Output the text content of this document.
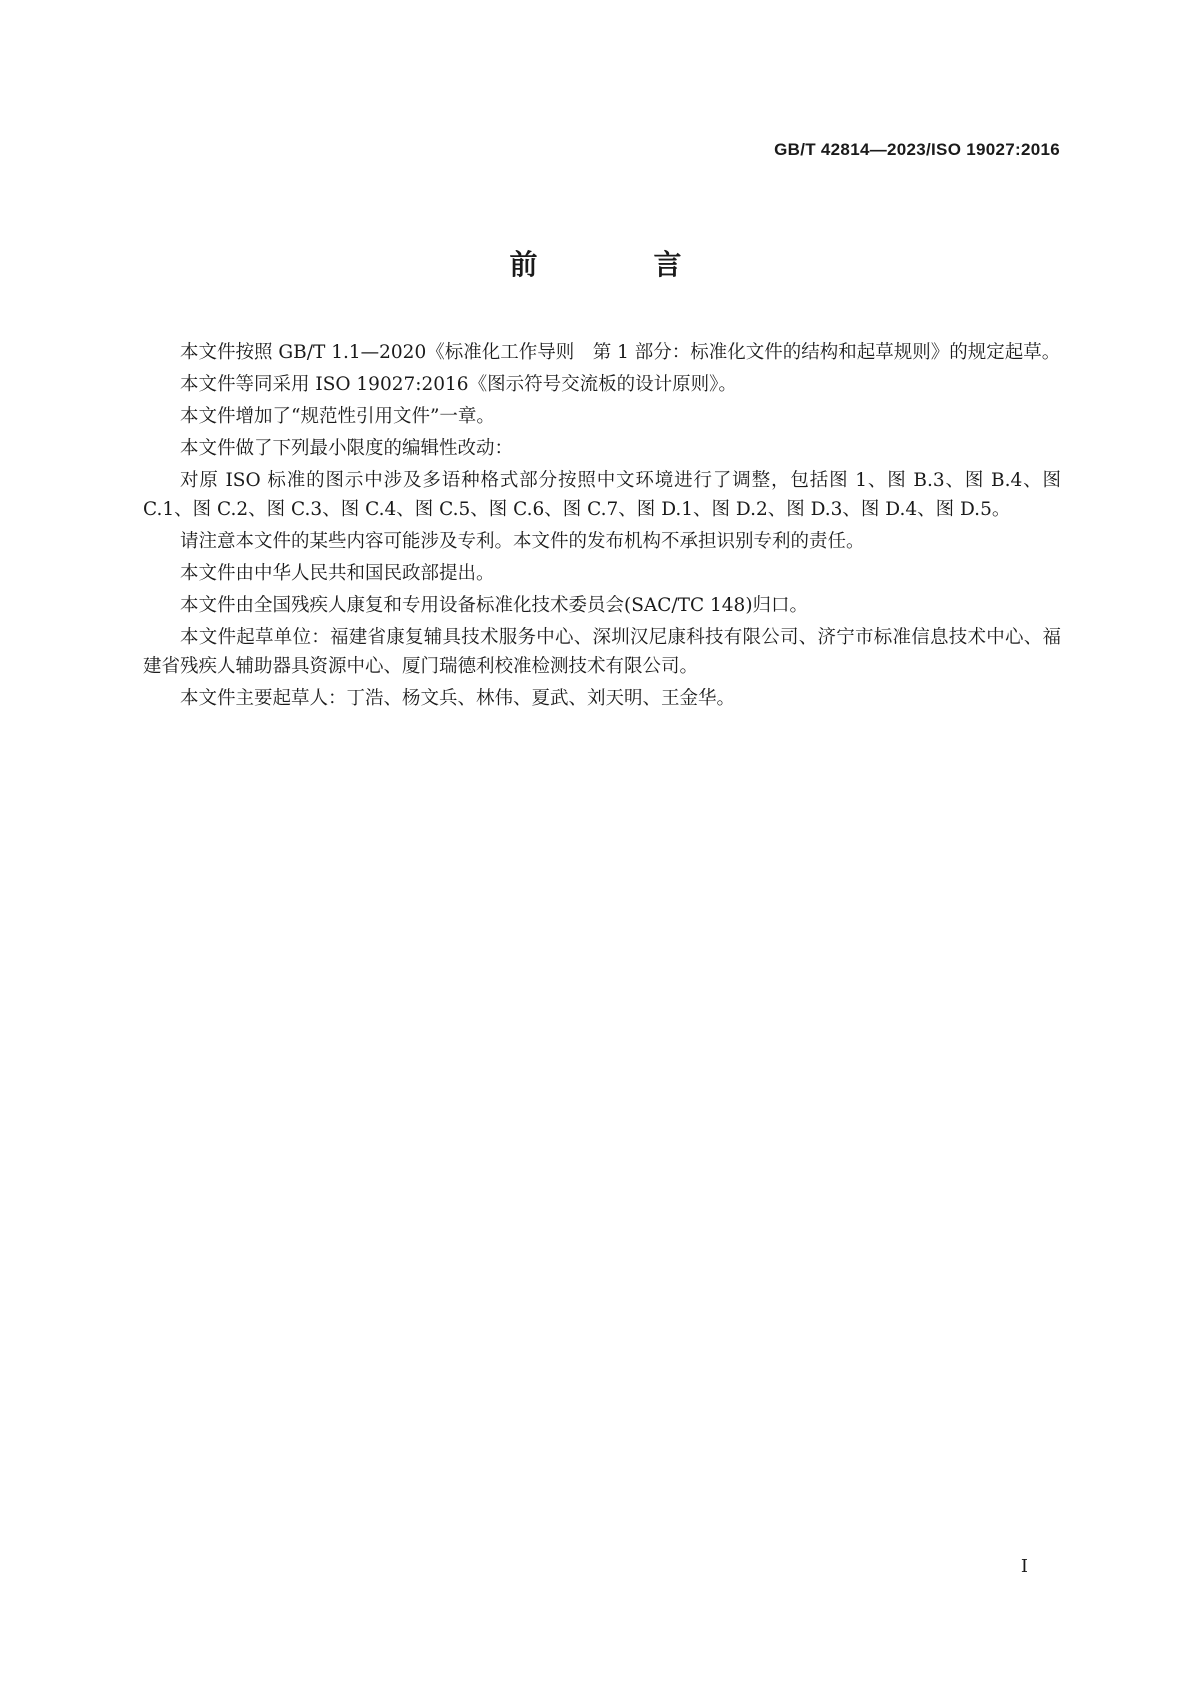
GB/T 42814—2023/ISO 19027:2016
前　言

本文件按照 GB/T 1.1—2020《标准化工作导则　第 1 部分：标准化文件的结构和起草规则》的规定起草。

本文件等同采用 ISO 19027:2016《图示符号交流板的设计原则》。

本文件增加了“规范性引用文件”一章。

本文件做了下列最小限度的编辑性改动：

对原 ISO 标准的图示中涉及多语种格式部分按照中文环境进行了调整，包括图 1、图 B.3、图 B.4、图 C.1、图 C.2、图 C.3、图 C.4、图 C.5、图 C.6、图 C.7、图 D.1、图 D.2、图 D.3、图 D.4、图 D.5。

请注意本文件的某些内容可能涉及专利。本文件的发布机构不承担识别专利的责任。

本文件由中华人民共和国民政部提出。

本文件由全国残疾人康复和专用设备标准化技术委员会(SAC/TC 148)归口。

本文件起草单位：福建省康复辅具技术服务中心、深圳汉尼康科技有限公司、济宁市标准信息技术中心、福建省残疾人辅助器具资源中心、厦门瑞德利校准检测技术有限公司。

本文件主要起草人：丁浩、杨文兵、林伟、夏武、刘天明、王金华。

Ⅰ
